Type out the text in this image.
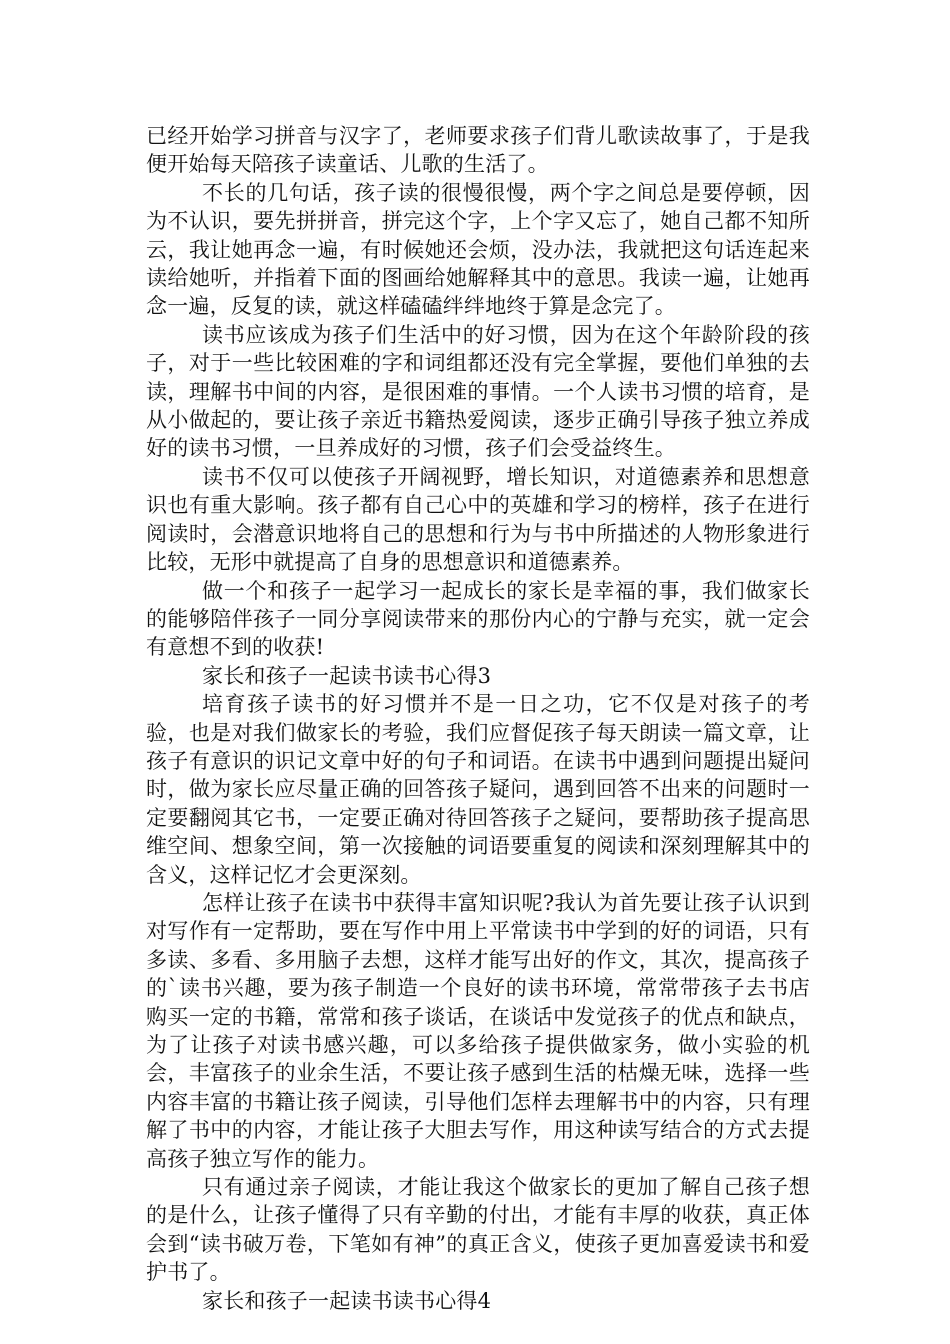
已经开始学习拼音与汉字了，老师要求孩子们背儿歌读故事了，于是我便开始每天陪孩子读童话、儿歌的生活了。

不长的几句话，孩子读的很慢很慢，两个字之间总是要停顿，因为不认识，要先拼拼音，拼完这个字，上个字又忘了，她自己都不知所云，我让她再念一遍，有时候她还会烦，没办法，我就把这句话连起来读给她听，并指着下面的图画给她解释其中的意思。我读一遍，让她再念一遍，反复的读，就这样磕磕绊绊地终于算是念完了。

读书应该成为孩子们生活中的好习惯，因为在这个年龄阶段的孩子，对于一些比较困难的字和词组都还没有完全掌握，要他们单独的去读，理解书中间的内容，是很困难的事情。一个人读书习惯的培育，是从小做起的，要让孩子亲近书籍热爱阅读，逐步正确引导孩子独立养成好的读书习惯，一旦养成好的习惯，孩子们会受益终生。

读书不仅可以使孩子开阔视野，增长知识，对道德素养和思想意识也有重大影响。孩子都有自己心中的英雄和学习的榜样，孩子在进行阅读时，会潜意识地将自己的思想和行为与书中所描述的人物形象进行比较，无形中就提高了自身的思想意识和道德素养。

做一个和孩子一起学习一起成长的家长是幸福的事，我们做家长的能够陪伴孩子一同分享阅读带来的那份内心的宁静与充实，就一定会有意想不到的收获!

家长和孩子一起读书读书心得3

培育孩子读书的好习惯并不是一日之功，它不仅是对孩子的考验，也是对我们做家长的考验，我们应督促孩子每天朗读一篇文章，让孩子有意识的识记文章中好的句子和词语。在读书中遇到问题提出疑问时，做为家长应尽量正确的回答孩子疑问，遇到回答不出来的问题时一定要翻阅其它书，一定要正确对待回答孩子之疑问，要帮助孩子提高思维空间、想象空间，第一次接触的词语要重复的阅读和深刻理解其中的含义，这样记忆才会更深刻。

怎样让孩子在读书中获得丰富知识呢?我认为首先要让孩子认识到对写作有一定帮助，要在写作中用上平常读书中学到的好的词语，只有多读、多看、多用脑子去想，这样才能写出好的作文，其次，提高孩子的`读书兴趣，要为孩子制造一个良好的读书环境，常常带孩子去书店购买一定的书籍，常常和孩子谈话，在谈话中发觉孩子的优点和缺点，为了让孩子对读书感兴趣，可以多给孩子提供做家务，做小实验的机会，丰富孩子的业余生活，不要让孩子感到生活的枯燥无味，选择一些内容丰富的书籍让孩子阅读，引导他们怎样去理解书中的内容，只有理解了书中的内容，才能让孩子大胆去写作，用这种读写结合的方式去提高孩子独立写作的能力。

只有通过亲子阅读，才能让我这个做家长的更加了解自己孩子想的是什么，让孩子懂得了只有辛勤的付出，才能有丰厚的收获，真正体会到“读书破万卷，下笔如有神”的真正含义，使孩子更加喜爱读书和爱护书了。

家长和孩子一起读书读书心得4
